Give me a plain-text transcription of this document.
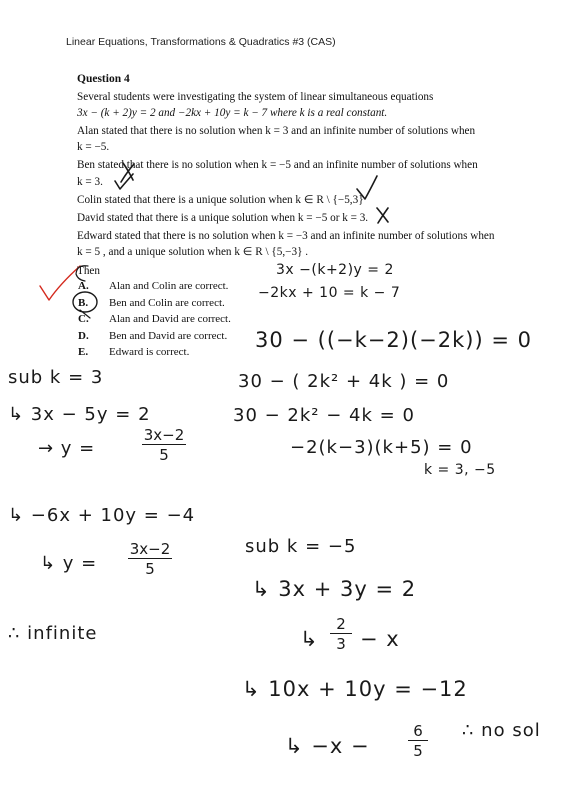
Linear Equations, Transformations & Quadratics #3 (CAS)

Question 4

Several students were investigating the system of linear simultaneous equations

3x − (k + 2)y = 2 and −2kx + 10y = k − 7 where k is a real constant.

Alan stated that there is no solution when k = 3 and an infinite number of solutions when

k = −5.

Ben stated that there is no solution when k = −5 and an infinite number of solutions when

k = 3.

Colin stated that there is a unique solution when k ∈ R \ {−5,3}

David stated that there is a unique solution when k = −5 or k = 3.

Edward stated that there is no solution when k = −3 and an infinite number of solutions when

k = 5 , and a unique solution when k ∈ R \ {5,−3} .

Then

A. Alan and Colin are correct.
B. Ben and Colin are correct.
C. Alan and David are correct.
D. Ben and David are correct.
E. Edward is correct.
3x −(k+2)y = 2
−2kx + 10 = k − 7
30 − ((−k−2)(−2k)) = 0
30 − ( 2k² + 4k ) = 0
30 − 2k² − 4k = 0
−2(k−3)(k+5) = 0
k = 3, −5
sub k = 3
↳ 3x − 5y = 2
→ y =	$\frac{3x-2}{5}$
↳ −6x + 10y = −4
↳ $y = \frac{3x-2}{5}$
∴ infinite
sub k = −5
↳ 3x + 3y = 2
↳ $\frac{2}{3} - x$
↳ 10x + 10y = −12
↳ −x −	$\frac{6}{5}$ ∴ no sol
